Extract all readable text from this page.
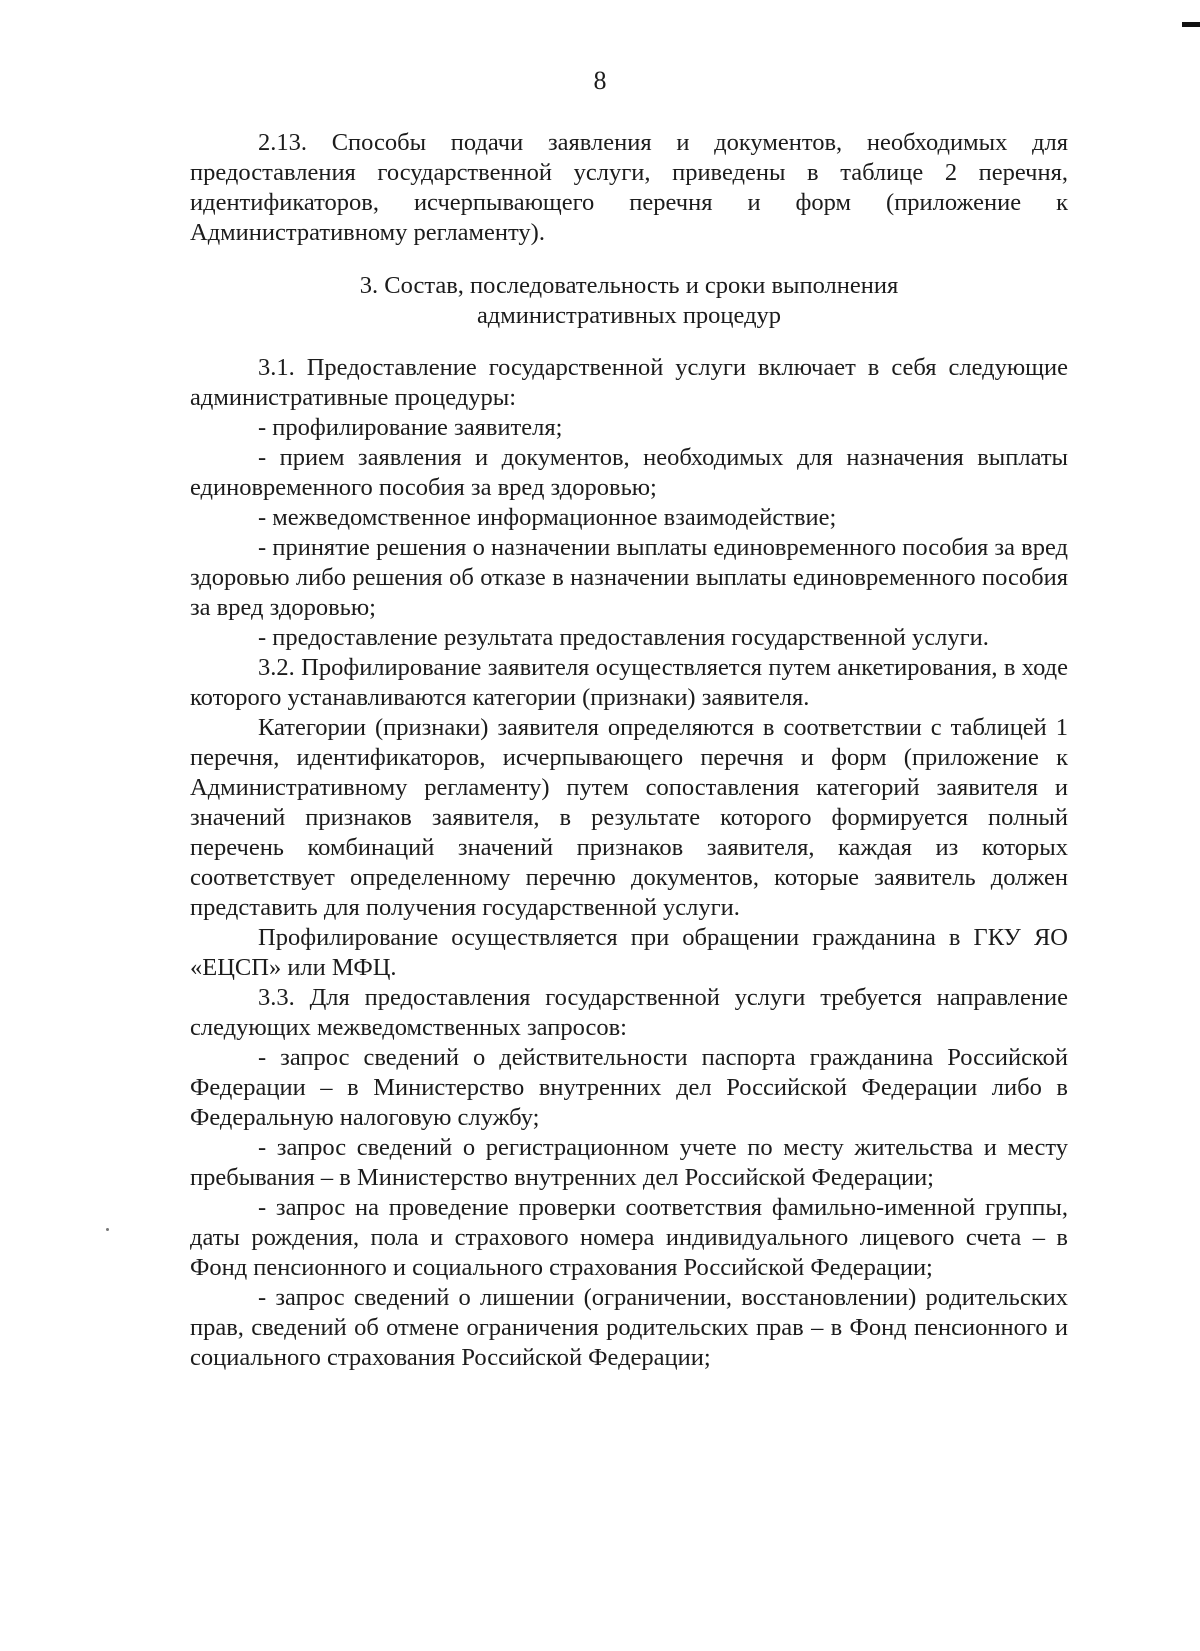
8

2.13. Способы подачи заявления и документов, необходимых для предоставления государственной услуги, приведены в таблице 2 перечня, идентификаторов, исчерпывающего перечня и форм (приложение к Административному регламенту).

3. Состав, последовательность и сроки выполнения
административных процедур

3.1. Предоставление государственной услуги включает в себя следующие административные процедуры:

- профилирование заявителя;

- прием заявления и документов, необходимых для назначения выплаты единовременного пособия за вред здоровью;

- межведомственное информационное взаимодействие;

- принятие решения о назначении выплаты единовременного пособия за вред здоровью либо решения об отказе в назначении выплаты единовременного пособия за вред здоровью;

- предоставление результата предоставления государственной услуги.

3.2. Профилирование заявителя осуществляется путем анкетирования, в ходе которого устанавливаются категории (признаки) заявителя.

Категории (признаки) заявителя определяются в соответствии с таблицей 1 перечня, идентификаторов, исчерпывающего перечня и форм (приложение к Административному регламенту) путем сопоставления категорий заявителя и значений признаков заявителя, в результате которого формируется полный перечень комбинаций значений признаков заявителя, каждая из которых соответствует определенному перечню документов, которые заявитель должен представить для получения государственной услуги.

Профилирование осуществляется при обращении гражданина в ГКУ ЯО «ЕЦСП» или МФЦ.

3.3. Для предоставления государственной услуги требуется направление следующих межведомственных запросов:

- запрос сведений о действительности паспорта гражданина Российской Федерации – в Министерство внутренних дел Российской Федерации либо в Федеральную налоговую службу;

- запрос сведений о регистрационном учете по месту жительства и месту пребывания – в Министерство внутренних дел Российской Федерации;

- запрос на проведение проверки соответствия фамильно-именной группы, даты рождения, пола и страхового номера индивидуального лицевого счета – в Фонд пенсионного и социального страхования Российской Федерации;

- запрос сведений о лишении (ограничении, восстановлении) родительских прав, сведений об отмене ограничения родительских прав – в Фонд пенсионного и социального страхования Российской Федерации;
